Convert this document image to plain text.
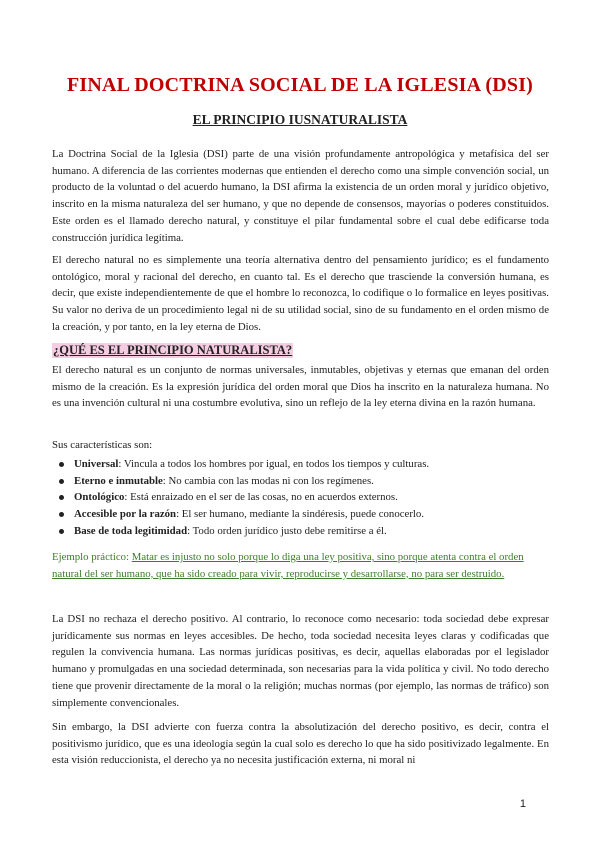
FINAL DOCTRINA SOCIAL DE LA IGLESIA (DSI)
EL PRINCIPIO IUSNATURALISTA

La Doctrina Social de la Iglesia (DSI) parte de una visión profundamente antropológica y metafísica del ser humano. A diferencia de las corrientes modernas que entienden el derecho como una simple convención social, un producto de la voluntad o del acuerdo humano, la DSI afirma la existencia de un orden moral y jurídico objetivo, inscrito en la misma naturaleza del ser humano, y que no depende de consensos, mayorías o poderes constituidos. Este orden es el llamado derecho natural, y constituye el pilar fundamental sobre el cual debe edificarse toda construcción jurídica legítima.

El derecho natural no es simplemente una teoría alternativa dentro del pensamiento jurídico; es el fundamento ontológico, moral y racional del derecho, en cuanto tal. Es el derecho que trasciende la conversión humana, es decir, que existe independientemente de que el hombre lo reconozca, lo codifique o lo formalice en leyes positivas. Su valor no deriva de un procedimiento legal ni de su utilidad social, sino de su fundamento en el orden mismo de la creación, y por tanto, en la ley eterna de Dios.

¿QUÉ ES EL PRINCIPIO NATURALISTA?

El derecho natural es un conjunto de normas universales, inmutables, objetivas y eternas que emanan del orden mismo de la creación. Es la expresión jurídica del orden moral que Dios ha inscrito en la naturaleza humana. No es una invención cultural ni una costumbre evolutiva, sino un reflejo de la ley eterna divina en la razón humana.

Sus características son:
Universal: Vincula a todos los hombres por igual, en todos los tiempos y culturas.
Eterno e inmutable: No cambia con las modas ni con los regímenes.
Ontológico: Está enraizado en el ser de las cosas, no en acuerdos externos.
Accesible por la razón: El ser humano, mediante la sindéresis, puede conocerlo.
Base de toda legitimidad: Todo orden jurídico justo debe remitirse a él.

Ejemplo práctico: Matar es injusto no solo porque lo diga una ley positiva, sino porque atenta contra el orden natural del ser humano, que ha sido creado para vivir, reproducirse y desarrollarse, no para ser destruido.

La DSI no rechaza el derecho positivo. Al contrario, lo reconoce como necesario: toda sociedad debe expresar jurídicamente sus normas en leyes accesibles. De hecho, toda sociedad necesita leyes claras y codificadas que regulen la convivencia humana. Las normas jurídicas positivas, es decir, aquellas elaboradas por el legislador humano y promulgadas en una sociedad determinada, son necesarias para la vida política y civil. No todo derecho tiene que provenir directamente de la moral o la religión; muchas normas (por ejemplo, las normas de tráfico) son simplemente convencionales.

Sin embargo, la DSI advierte con fuerza contra la absolutización del derecho positivo, es decir, contra el positivismo jurídico, que es una ideología según la cual solo es derecho lo que ha sido positivizado legalmente. En esta visión reduccionista, el derecho ya no necesita justificación externa, ni moral ni

1
